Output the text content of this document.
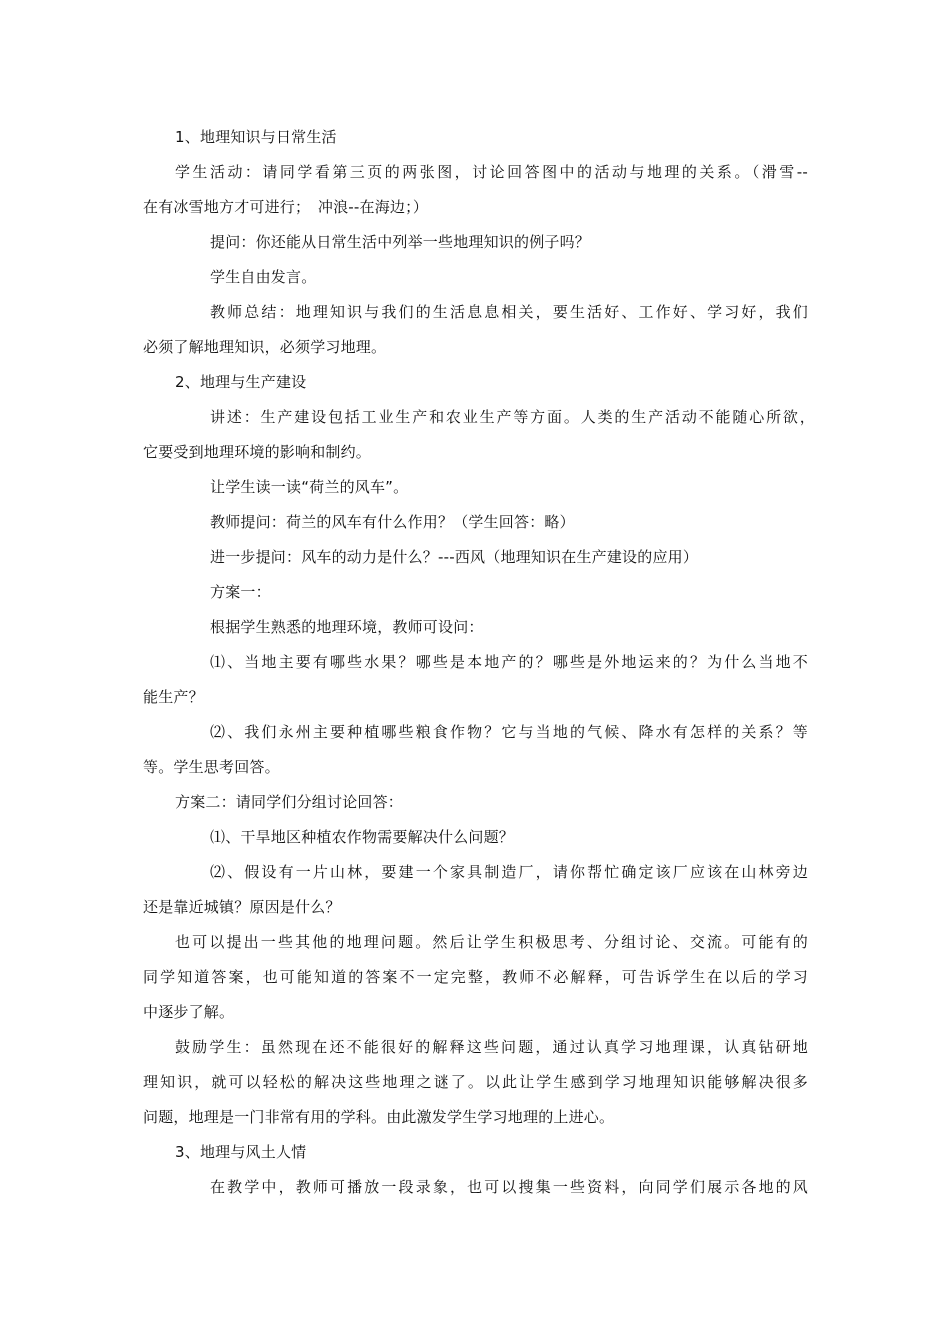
1、地理知识与日常生活
学生活动：请同学看第三页的两张图，讨论回答图中的活动与地理的关系。（滑雪--
在有冰雪地方才可进行；　冲浪--在海边；）
提问：你还能从日常生活中列举一些地理知识的例子吗？
学生自由发言。
教师总结：地理知识与我们的生活息息相关，要生活好、工作好、学习好，我们
必须了解地理知识，必须学习地理。
2、地理与生产建设
讲述：生产建设包括工业生产和农业生产等方面。人类的生产活动不能随心所欲，
它要受到地理环境的影响和制约。
让学生读一读“荷兰的风车”。
教师提问：荷兰的风车有什么作用？（学生回答：略）
进一步提问：风车的动力是什么？---西风（地理知识在生产建设的应用）
方案一：
根据学生熟悉的地理环境，教师可设问：
⑴、当地主要有哪些水果？哪些是本地产的？哪些是外地运来的？为什么当地不
能生产？
⑵、我们永州主要种植哪些粮食作物？它与当地的气候、降水有怎样的关系？等
等。学生思考回答。
方案二：请同学们分组讨论回答：
⑴、干旱地区种植农作物需要解决什么问题？
⑵、假设有一片山林，要建一个家具制造厂，请你帮忙确定该厂应该在山林旁边
还是靠近城镇？原因是什么？
也可以提出一些其他的地理问题。然后让学生积极思考、分组讨论、交流。可能有的
同学知道答案，也可能知道的答案不一定完整，教师不必解释，可告诉学生在以后的学习
中逐步了解。
鼓励学生：虽然现在还不能很好的解释这些问题，通过认真学习地理课，认真钻研地
理知识，就可以轻松的解决这些地理之谜了。以此让学生感到学习地理知识能够解决很多
问题，地理是一门非常有用的学科。由此激发学生学习地理的上进心。
3、地理与风土人情
在教学中，教师可播放一段录象，也可以搜集一些资料，向同学们展示各地的风
